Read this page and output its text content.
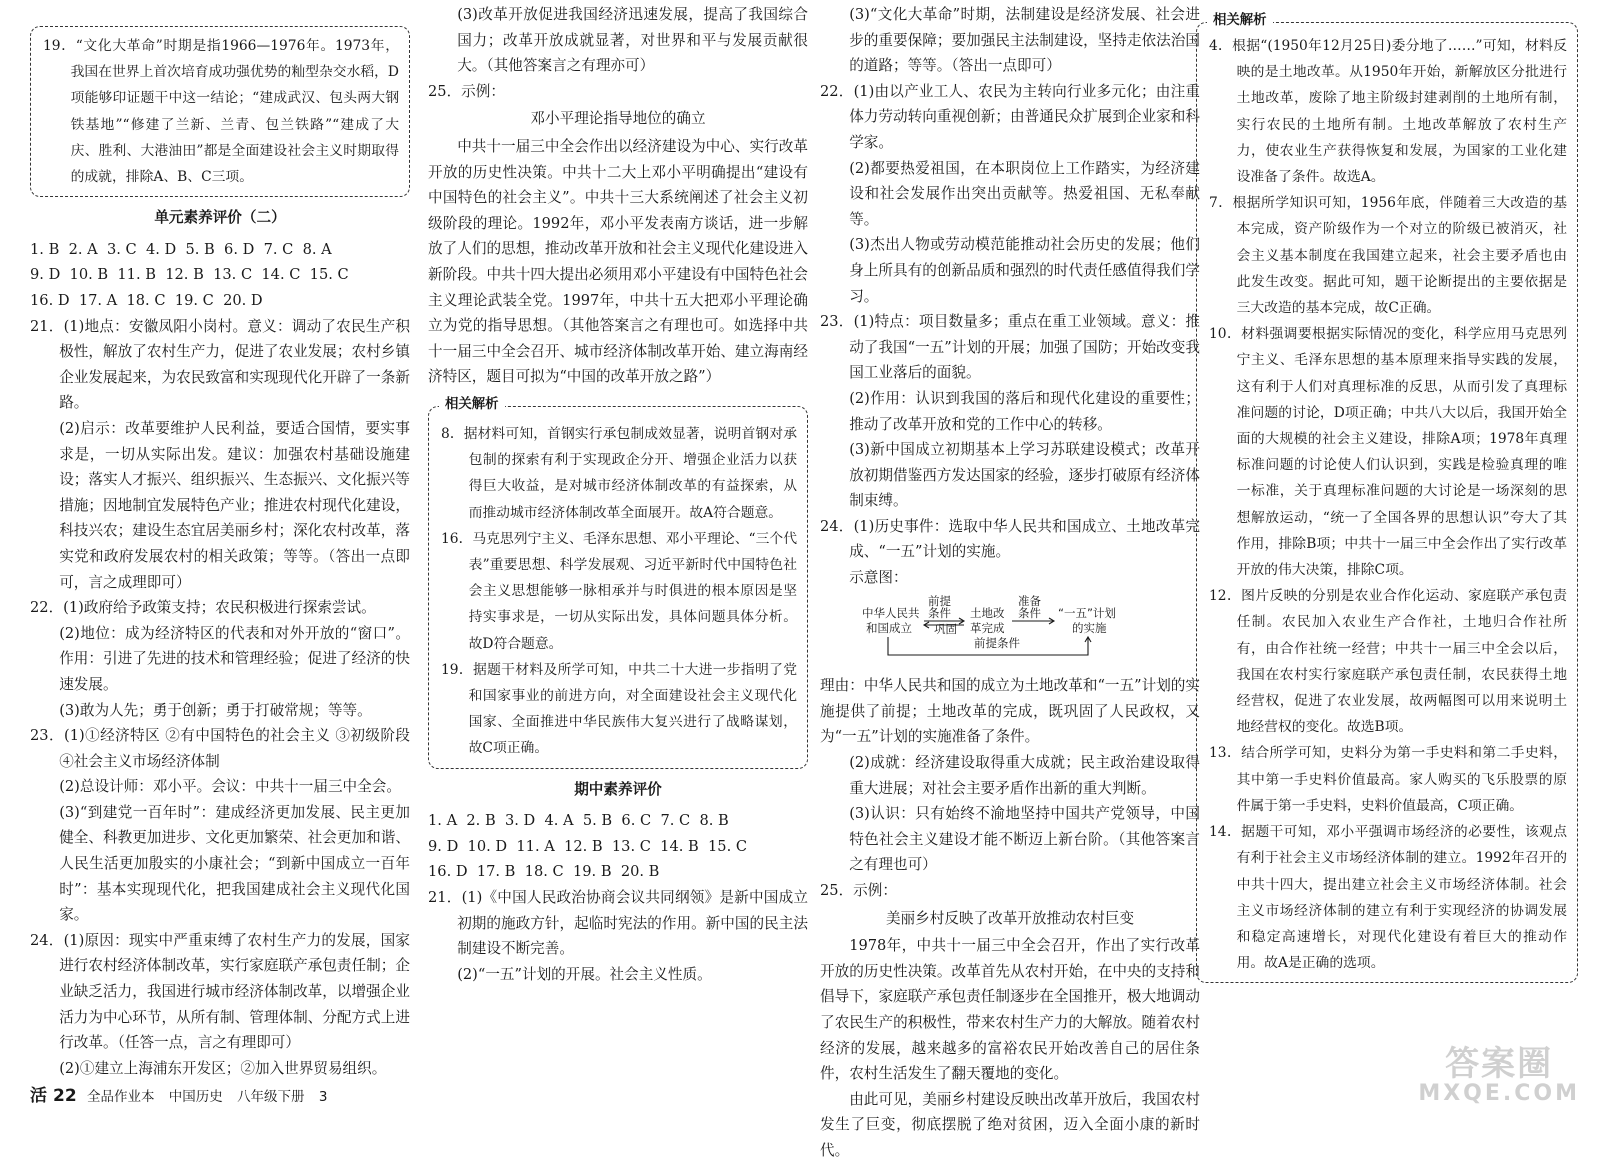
19．“文化大革命”时期是指1966—1976年。1973年，我国在世界上首次培育成功强优势的籼型杂交水稻，D项能够印证题干中这一结论；“建成武汉、包头两大钢铁基地”“修建了兰新、兰青、包兰铁路”“建成了大庆、胜利、大港油田”都是全面建设社会主义时期取得的成就，排除A、B、C三项。

单元素养评价（二）

1. B  2. A  3. C  4. D  5. B  6. D  7. C  8. A

9. D  10. B  11. B  12. B  13. C  14. C  15. C

16. D  17. A  18. C  19. C  20. D

21．(1)地点：安徽凤阳小岗村。意义：调动了农民生产积极性，解放了农村生产力，促进了农业发展；农村乡镇企业发展起来，为农民致富和实现现代化开辟了一条新路。

(2)启示：改革要维护人民利益，要适合国情，要实事求是，一切从实际出发。建议：加强农村基础设施建设；落实人才振兴、组织振兴、生态振兴、文化振兴等措施；因地制宜发展特色产业；推进农村现代化建设，科技兴农；建设生态宜居美丽乡村；深化农村改革，落实党和政府发展农村的相关政策；等等。（答出一点即可，言之成理即可）

22．(1)政府给予政策支持；农民积极进行探索尝试。

(2)地位：成为经济特区的代表和对外开放的“窗口”。作用：引进了先进的技术和管理经验；促进了经济的快速发展。

(3)敢为人先；勇于创新；勇于打破常规；等等。

23．(1)①经济特区 ②有中国特色的社会主义 ③初级阶段 ④社会主义市场经济体制

(2)总设计师：邓小平。会议：中共十一届三中全会。

(3)“到建党一百年时”：建成经济更加发展、民主更加健全、科教更加进步、文化更加繁荣、社会更加和谐、人民生活更加殷实的小康社会；“到新中国成立一百年时”：基本实现现代化，把我国建成社会主义现代化国家。

24．(1)原因：现实中严重束缚了农村生产力的发展，国家进行农村经济体制改革，实行家庭联产承包责任制；企业缺乏活力，我国进行城市经济体制改革，以增强企业活力为中心环节，从所有制、管理体制、分配方式上进行改革。（任答一点，言之有理即可）

(2)①建立上海浦东开发区；②加入世界贸易组织。

(3)改革开放促进我国经济迅速发展，提高了我国综合国力；改革开放成就显著，对世界和平与发展贡献很大。（其他答案言之有理亦可）

25．示例：

邓小平理论指导地位的确立

中共十一届三中全会作出以经济建设为中心、实行改革开放的历史性决策。中共十二大上邓小平明确提出“建设有中国特色的社会主义”。中共十三大系统阐述了社会主义初级阶段的理论。1992年，邓小平发表南方谈话，进一步解放了人们的思想，推动改革开放和社会主义现代化建设进入新阶段。中共十四大提出必须用邓小平建设有中国特色社会主义理论武装全党。1997年，中共十五大把邓小平理论确立为党的指导思想。（其他答案言之有理也可。如选择中共十一届三中全会召开、城市经济体制改革开始、建立海南经济特区，题目可拟为“中国的改革开放之路”）

相关解析

8．据材料可知，首钢实行承包制成效显著，说明首钢对承包制的探索有利于实现政企分开、增强企业活力以获得巨大收益，是对城市经济体制改革的有益探索，从而推动城市经济体制改革全面展开。故A符合题意。

16．马克思列宁主义、毛泽东思想、邓小平理论、“三个代表”重要思想、科学发展观、习近平新时代中国特色社会主义思想能够一脉相承并与时俱进的根本原因是坚持实事求是，一切从实际出发，具体问题具体分析。故D符合题意。

19．据题干材料及所学可知，中共二十大进一步指明了党和国家事业的前进方向，对全面建设社会主义现代化国家、全面推进中华民族伟大复兴进行了战略谋划，故C项正确。

期中素养评价

1. A  2. B  3. D  4. A  5. B  6. C  7. C  8. B

9. D  10. D  11. A  12. B  13. C  14. B  15. C

16. D  17. B  18. C  19. B  20. B

21．(1)《中国人民政治协商会议共同纲领》是新中国成立初期的施政方针，起临时宪法的作用。新中国的民主法制建设不断完善。

(2)“一五”计划的开展。社会主义性质。

(3)“文化大革命”时期，法制建设是经济发展、社会进步的重要保障；要加强民主法制建设，坚持走依法治国的道路；等等。（答出一点即可）

22．(1)由以产业工人、农民为主转向行业多元化；由注重体力劳动转向重视创新；由普通民众扩展到企业家和科学家。

(2)都要热爱祖国，在本职岗位上工作踏实，为经济建设和社会发展作出突出贡献等。热爱祖国、无私奉献等。

(3)杰出人物或劳动模范能推动社会历史的发展；他们身上所具有的创新品质和强烈的时代责任感值得我们学习。

23．(1)特点：项目数量多；重点在重工业领域。意义：推动了我国“一五”计划的开展；加强了国防；开始改变我国工业落后的面貌。

(2)作用：认识到我国的落后和现代化建设的重要性；推动了改革开放和党的工作中心的转移。

(3)新中国成立初期基本上学习苏联建设模式；改革开放初期借鉴西方发达国家的经验，逐步打破原有经济体制束缚。

24．(1)历史事件：选取中华人民共和国成立、土地改革完成、“一五”计划的实施。

示意图：

中华人民共
和国成立
土地改
革完成
“一五”计划
的实施
前提
条件
巩固
准备
条件
前提条件

理由：中华人民共和国的成立为土地改革和“一五”计划的实施提供了前提；土地改革的完成，既巩固了人民政权，又为“一五”计划的实施准备了条件。

(2)成就：经济建设取得重大成就；民主政治建设取得重大进展；对社会主要矛盾作出新的重大判断。

(3)认识：只有始终不渝地坚持中国共产党领导，中国特色社会主义建设才能不断迈上新台阶。（其他答案言之有理也可）

25．示例：

美丽乡村反映了改革开放推动农村巨变

1978年，中共十一届三中全会召开，作出了实行改革开放的历史性决策。改革首先从农村开始，在中央的支持和倡导下，家庭联产承包责任制逐步在全国推开，极大地调动了农民生产的积极性，带来农村生产力的大解放。随着农村经济的发展，越来越多的富裕农民开始改善自己的居住条件，农村生活发生了翻天覆地的变化。

由此可见，美丽乡村建设反映出改革开放后，我国农村发生了巨变，彻底摆脱了绝对贫困，迈入全面小康的新时代。

相关解析

4．根据“(1950年12月25日)委分地了……”可知，材料反映的是土地改革。从1950年开始，新解放区分批进行土地改革，废除了地主阶级封建剥削的土地所有制，实行农民的土地所有制。土地改革解放了农村生产力，使农业生产获得恢复和发展，为国家的工业化建设准备了条件。故选A。

7．根据所学知识可知，1956年底，伴随着三大改造的基本完成，资产阶级作为一个对立的阶级已被消灭，社会主义基本制度在我国建立起来，社会主要矛盾也由此发生改变。据此可知，题干论断提出的主要依据是三大改造的基本完成，故C正确。

10．材料强调要根据实际情况的变化，科学应用马克思列宁主义、毛泽东思想的基本原理来指导实践的发展，这有利于人们对真理标准的反思，从而引发了真理标准问题的讨论，D项正确；中共八大以后，我国开始全面的大规模的社会主义建设，排除A项；1978年真理标准问题的讨论使人们认识到，实践是检验真理的唯一标准，关于真理标准问题的大讨论是一场深刻的思想解放运动，“统一了全国各界的思想认识”夸大了其作用，排除B项；中共十一届三中全会作出了实行改革开放的伟大决策，排除C项。

12．图片反映的分别是农业合作化运动、家庭联产承包责任制。农民加入农业生产合作社，土地归合作社所有，由合作社统一经营；中共十一届三中全会以后，我国在农村实行家庭联产承包责任制，农民获得土地经营权，促进了农业发展，故两幅图可以用来说明土地经营权的变化。故选B项。

13．结合所学可知，史料分为第一手史料和第二手史料，其中第一手史料价值最高。家人购买的飞乐股票的原件属于第一手史料，史料价值最高，C项正确。

14．据题干可知，邓小平强调市场经济的必要性，该观点有利于社会主义市场经济体制的建立。1992年召开的中共十四大，提出建立社会主义市场经济体制。社会主义市场经济体制的建立有利于实现经济的协调发展和稳定高速增长，对现代化建设有着巨大的推动作用。故A是正确的选项。

活 22 全品作业本 中国历史 八年级下册 3
答案圈
MXQE.COM
